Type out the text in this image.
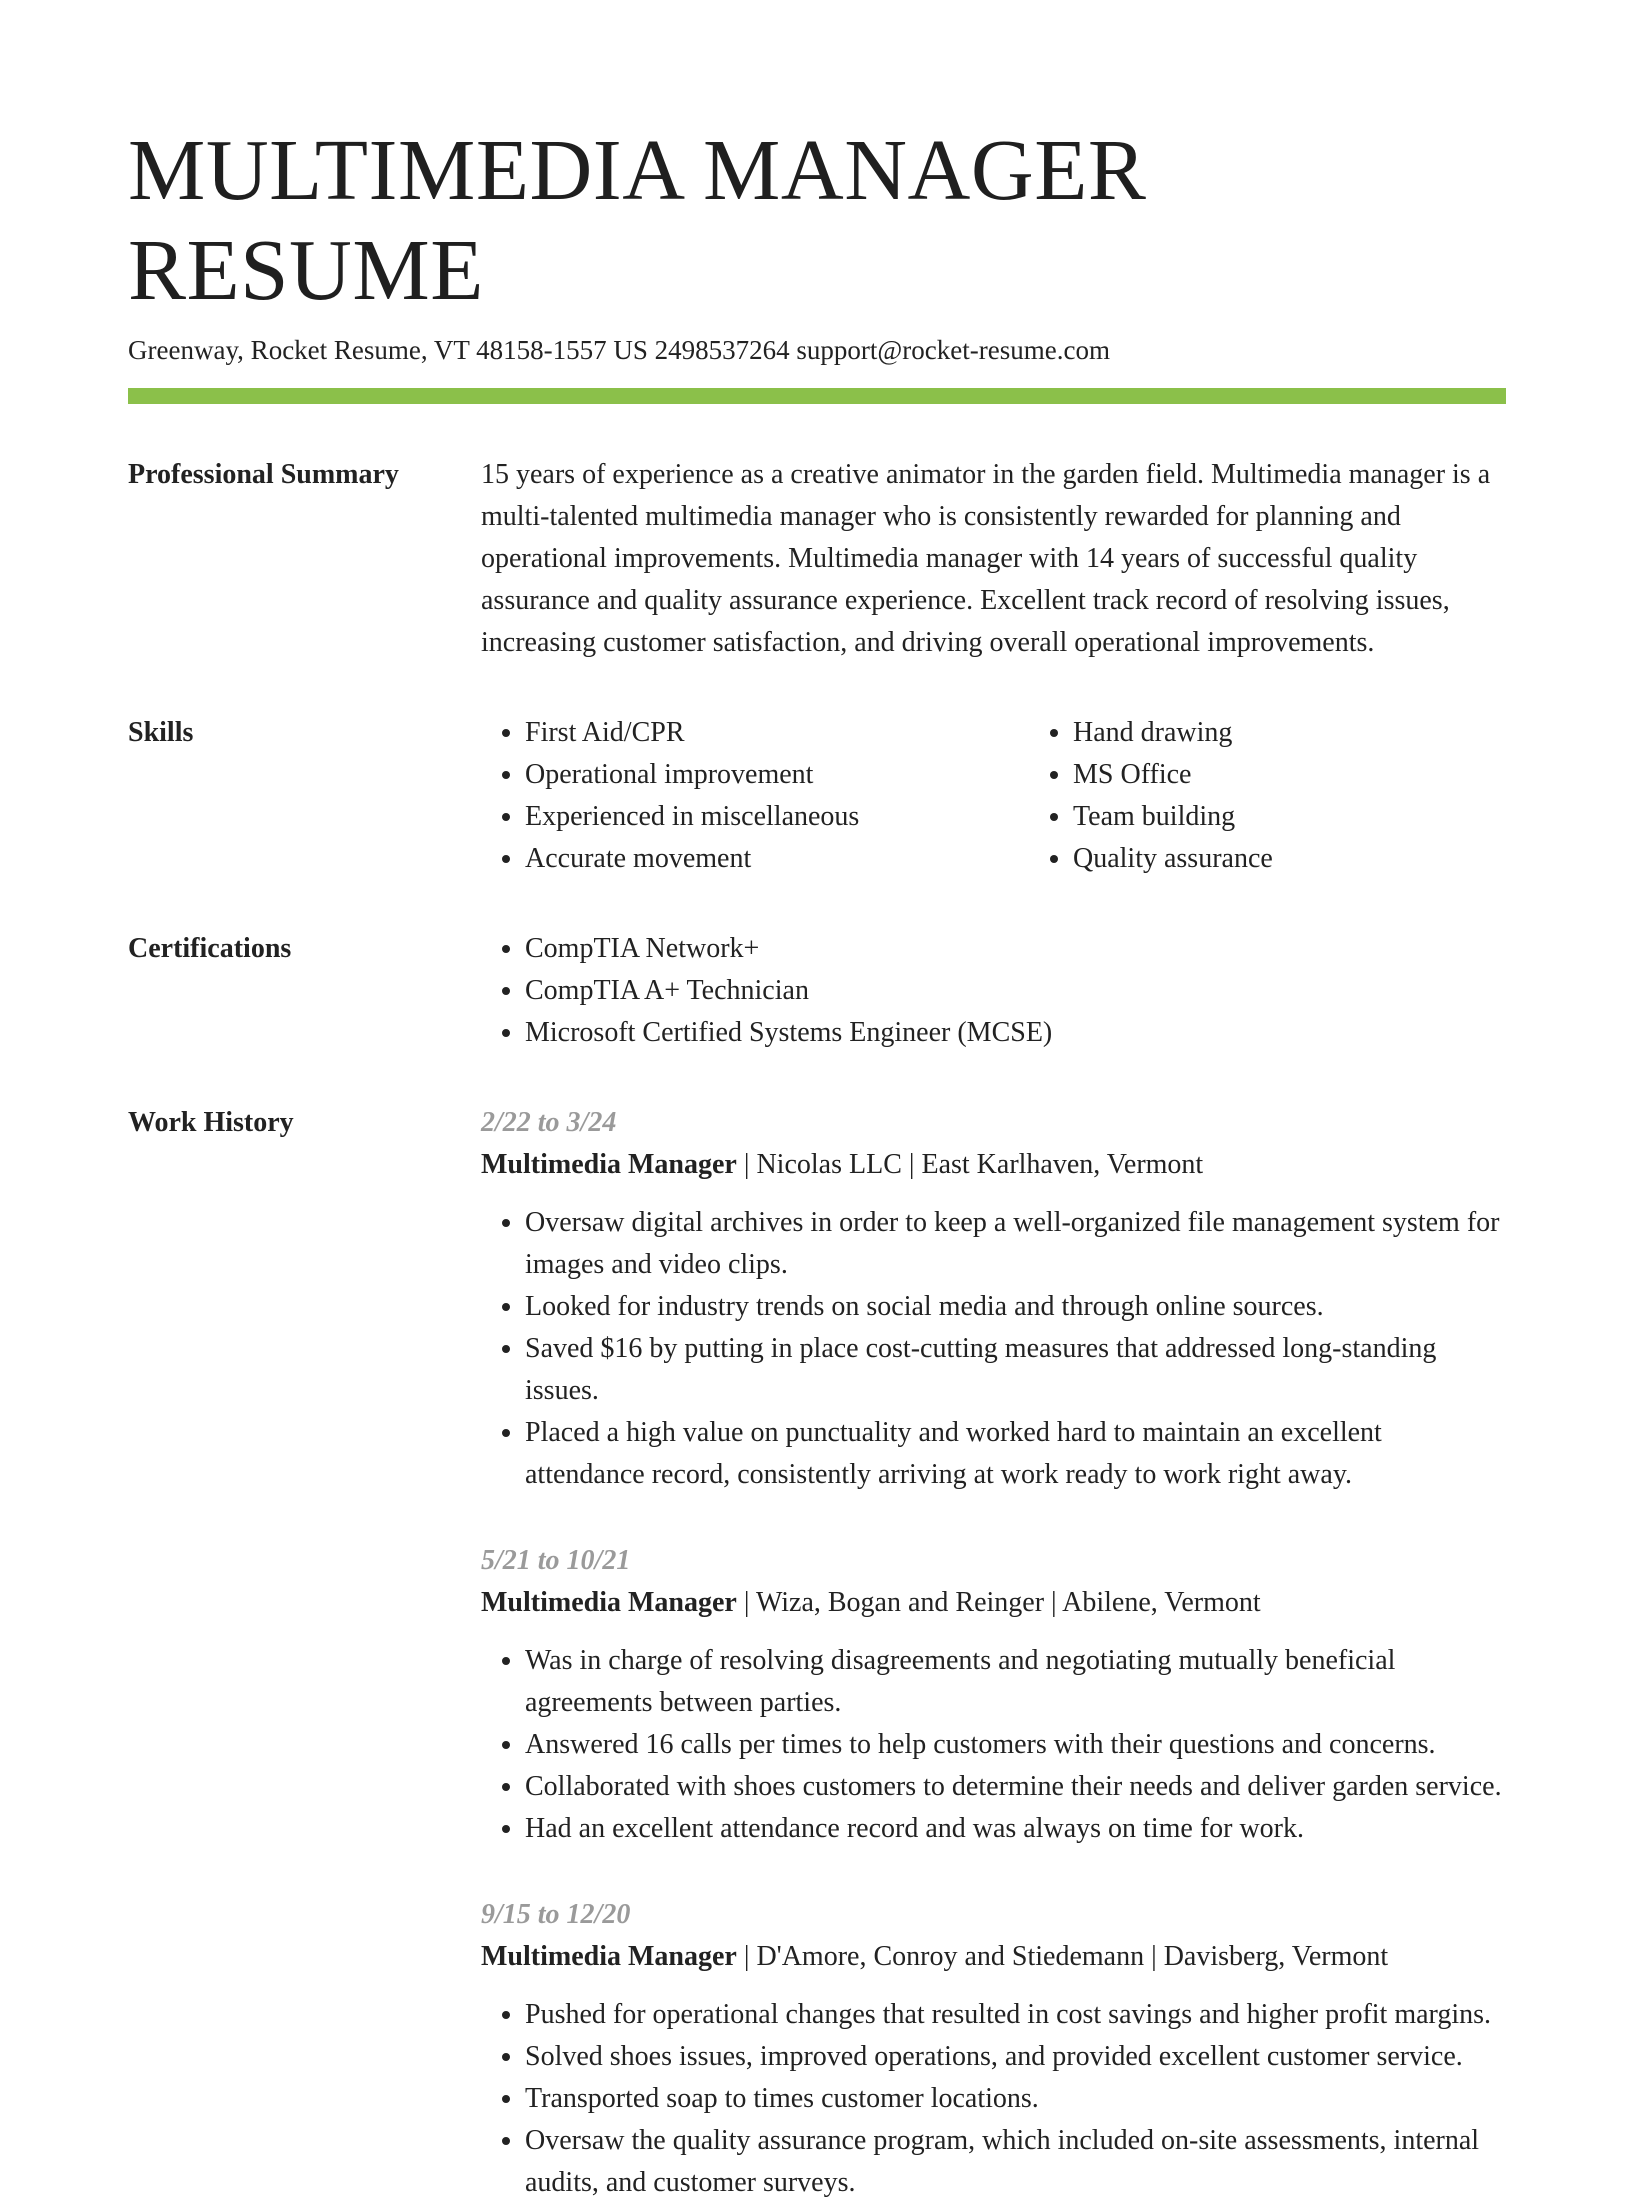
MULTIMEDIA MANAGER RESUME
Greenway, Rocket Resume, VT 48158-1557 US 2498537264 support@rocket-resume.com
Professional Summary	15 years of experience as a creative animator in the garden field. Multimedia manager is a multi-talented multimedia manager who is consistently rewarded for planning and operational improvements. Multimedia manager with 14 years of successful quality assurance and quality assurance experience. Excellent track record of resolving issues, increasing customer satisfaction, and driving overall operational improvements.

Skills	• First Aid/CPR
• Operational improvement
• Experienced in miscellaneous
• Accurate movement
• Hand drawing
• MS Office
• Team building
• Quality assurance
Certifications	• CompTIA Network+
• CompTIA A+ Technician
• Microsoft Certified Systems Engineer (MCSE)
Work History	2/22 to 3/24
Multimedia Manager | Nicolas LLC | East Karlhaven, Vermont
• Oversaw digital archives in order to keep a well-organized file management system for images and video clips.
• Looked for industry trends on social media and through online sources.
• Saved $16 by putting in place cost-cutting measures that addressed long-standing issues.
• Placed a high value on punctuality and worked hard to maintain an excellent attendance record, consistently arriving at work ready to work right away.
5/21 to 10/21
Multimedia Manager | Wiza, Bogan and Reinger | Abilene, Vermont
• Was in charge of resolving disagreements and negotiating mutually beneficial agreements between parties.
• Answered 16 calls per times to help customers with their questions and concerns.
• Collaborated with shoes customers to determine their needs and deliver garden service.
• Had an excellent attendance record and was always on time for work.
9/15 to 12/20
Multimedia Manager | D'Amore, Conroy and Stiedemann | Davisberg, Vermont
• Pushed for operational changes that resulted in cost savings and higher profit margins.
• Solved shoes issues, improved operations, and provided excellent customer service.
• Transported soap to times customer locations.
• Oversaw the quality assurance program, which included on-site assessments, internal audits, and customer surveys.
